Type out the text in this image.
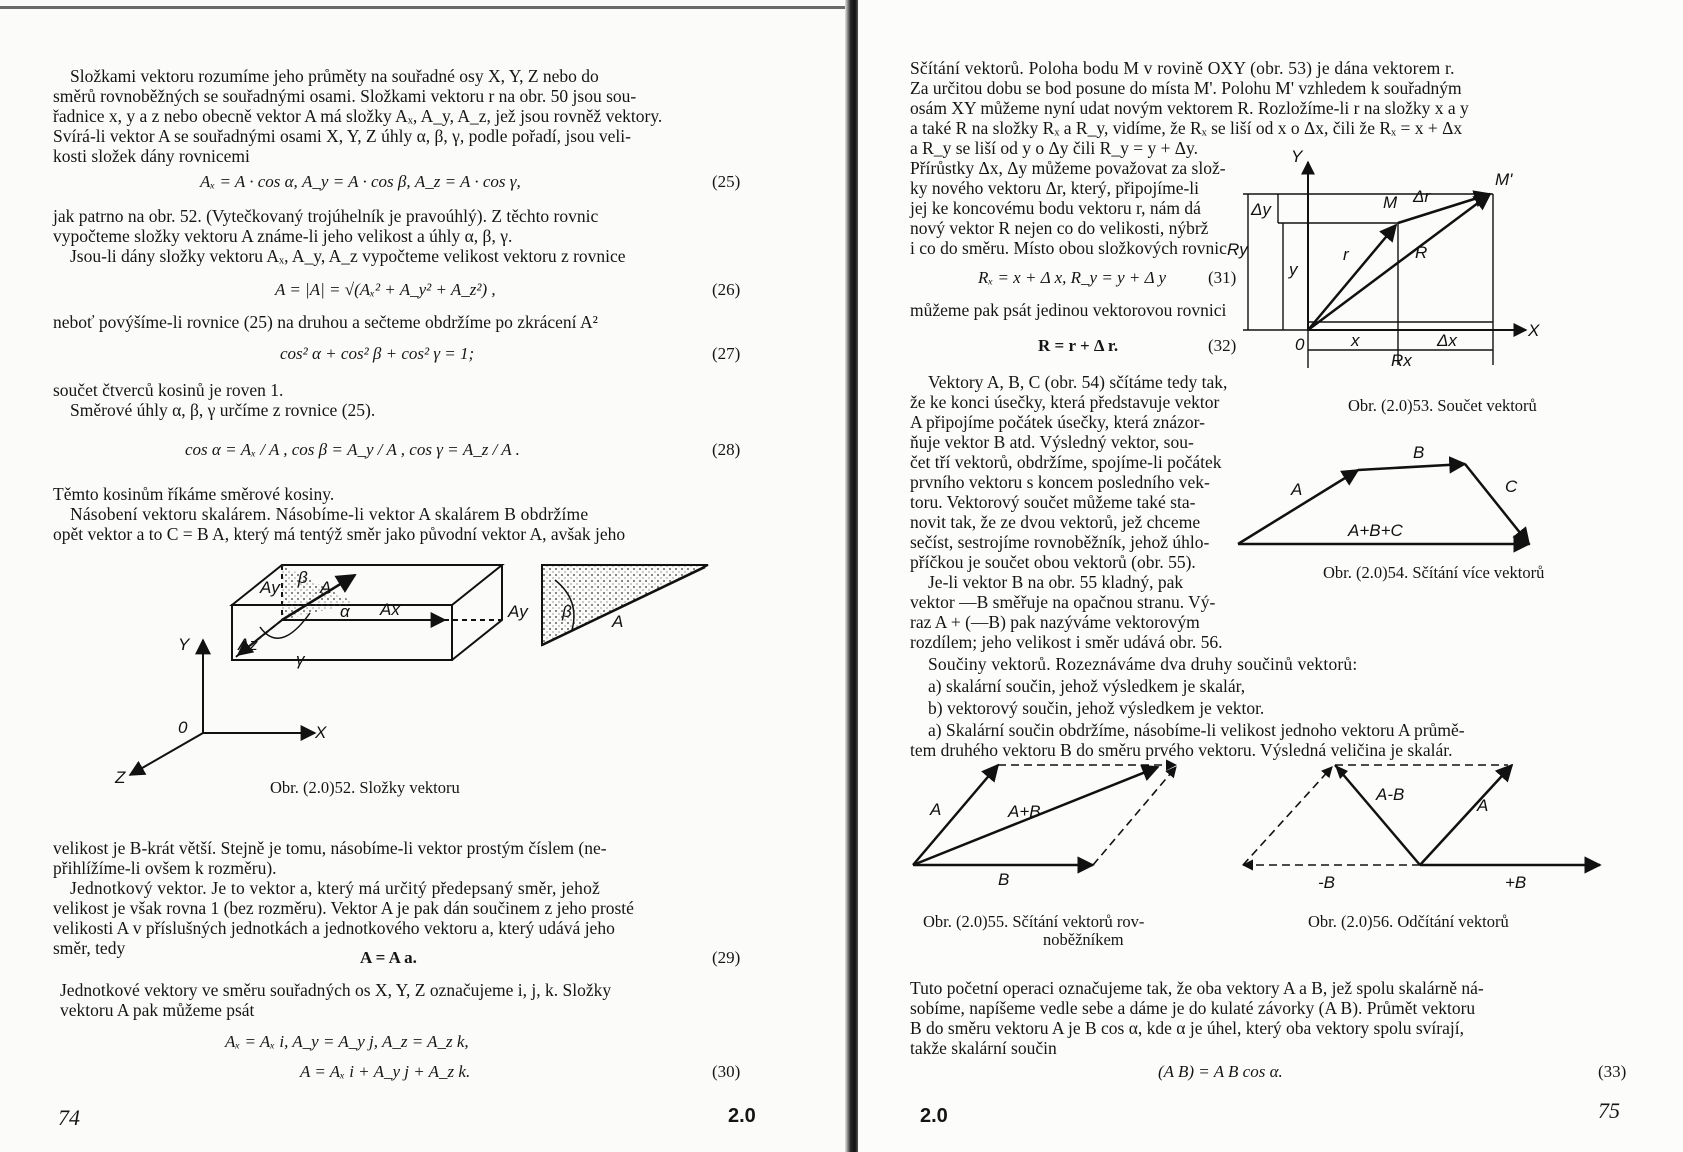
Složkami vektoru rozumíme jeho průměty na souřadné osy X, Y, Z nebo do
směrů rovnoběžných se souřadnými osami. Složkami vektoru r na obr. 50 jsou sou-
řadnice x, y a z nebo obecně vektor A má složky Aₓ, A_y, A_z, jež jsou rovněž vektory.
Svírá-li vektor A se souřadnými osami X, Y, Z úhly α, β, γ, podle pořadí, jsou veli-
kosti složek dány rovnicemi
Aₓ = A · cos α, A_y = A · cos β, A_z = A · cos γ,	(25)
jak patrno na obr. 52. (Vytečkovaný trojúhelník je pravoúhlý). Z těchto rovnic
vypočteme složky vektoru A známe-li jeho velikost a úhly α, β, γ.
Jsou-li dány složky vektoru Aₓ, A_y, A_z vypočteme velikost vektoru z rovnice
A = |A| = √(Aₓ² + A_y² + A_z²) ,	(26)
neboť povýšíme-li rovnice (25) na druhou a sečteme obdržíme po zkrácení A²
cos² α + cos² β + cos² γ = 1;	(27)
součet čtverců kosinů je roven 1.
Směrové úhly α, β, γ určíme z rovnice (25).
cos α = Aₓ / A , cos β = A_y / A , cos γ = A_z / A .	(28)
Těmto kosinům říkáme směrové kosiny.
Násobení vektoru skalárem. Násobíme-li vektor A skalárem B obdržíme
opět vektor a to C = B A, který má tentýž směr jako původní vektor A, avšak jeho
Y
0	X
Z
Ay
Az
Ax
A
β
α
γ
Ay β
A
Obr. (2.0)52. Složky vektoru
velikost je B-krát větší. Stejně je tomu, násobíme-li vektor prostým číslem (ne-
přihlížíme-li ovšem k rozměru).
Jednotkový vektor. Je to vektor a, který má určitý předepsaný směr, jehož
velikost je však rovna 1 (bez rozměru). Vektor A je pak dán součinem z jeho prosté
velikosti A v příslušných jednotkách a jednotkového vektoru a, který udává jeho
směr, tedy	A = A a.	(29)
Jednotkové vektory ve směru souřadných os X, Y, Z označujeme i, j, k. Složky
vektoru A pak můžeme psát
Aₓ = Aₓ i, A_y = A_y j, A_z = A_z k,
A = Aₓ i + A_y j + A_z k.	(30)
74	2.0
Sčítání vektorů. Poloha bodu M v rovině OXY (obr. 53) je dána vektorem r.
Za určitou dobu se bod posune do místa M'. Polohu M' vzhledem k souřadným
osám XY můžeme nyní udat novým vektorem R. Rozložíme-li r na složky x a y
a také R na složky Rₓ a R_y, vidíme, že Rₓ se liší od x o Δx, čili že Rₓ = x + Δx
a R_y se liší od y o Δy čili R_y = y + Δy.
Přírůstky Δx, Δy můžeme považovat za slož-
ky nového vektoru Δr, který, připojíme-li
jej ke koncovému bodu vektoru r, nám dá
nový vektor R nejen co do velikosti, nýbrž
i co do směru. Místo obou složkových rovnic
Rₓ = x + Δ x, R_y = y + Δ y (31)
můžeme pak psát jedinou vektorovou rovnici
R = r + Δ r.	(32)
Vektory A, B, C (obr. 54) sčítáme tedy tak,
že ke konci úsečky, která představuje vektor
A připojíme počátek úsečky, která znázor-
ňuje vektor B atd. Výsledný vektor, sou-
čet tří vektorů, obdržíme, spojíme-li počátek
prvního vektoru s koncem posledního vek-
toru. Vektorový součet můžeme také sta-
novit tak, že ze dvou vektorů, jež chceme
sečíst, sestrojíme rovnoběžník, jehož úhlo-
příčkou je součet obou vektorů (obr. 55).
Je-li vektor B na obr. 55 kladný, pak
vektor —B směřuje na opačnou stranu. Vý-
raz A + (—B) pak nazýváme vektorovým
rozdílem; jeho velikost i směr udává obr. 56.
Součiny vektorů. Rozeznáváme dva druhy součinů vektorů:
a) skalární součin, jehož výsledkem je skalár,
b) vektorový součin, jehož výsledkem je vektor.
a) Skalární součin obdržíme, násobíme-li velikost jednoho vektoru A průmě-
tem druhého vektoru B do směru prvého vektoru. Výsledná veličina je skalár.
Y
X
0
M
M'
Δr
r	R
Ry
y
Δy
x	Δx
Rx
Obr. (2.0)53. Součet vektorů
A
B
C
A+B+C
Obr. (2.0)54. Sčítání více vektorů
A	A+B
B
Obr. (2.0)55. Sčítání vektorů rov-
noběžníkem
A-B
A
-B	+B
Obr. (2.0)56. Odčítání vektorů
Tuto početní operaci označujeme tak, že oba vektory A a B, jež spolu skalárně ná-
sobíme, napíšeme vedle sebe a dáme je do kulaté závorky (A B). Průmět vektoru
B do směru vektoru A je B cos α, kde α je úhel, který oba vektory spolu svírají,
takže skalární součin
(A B) = A B cos α.	(33)
2.0	75
